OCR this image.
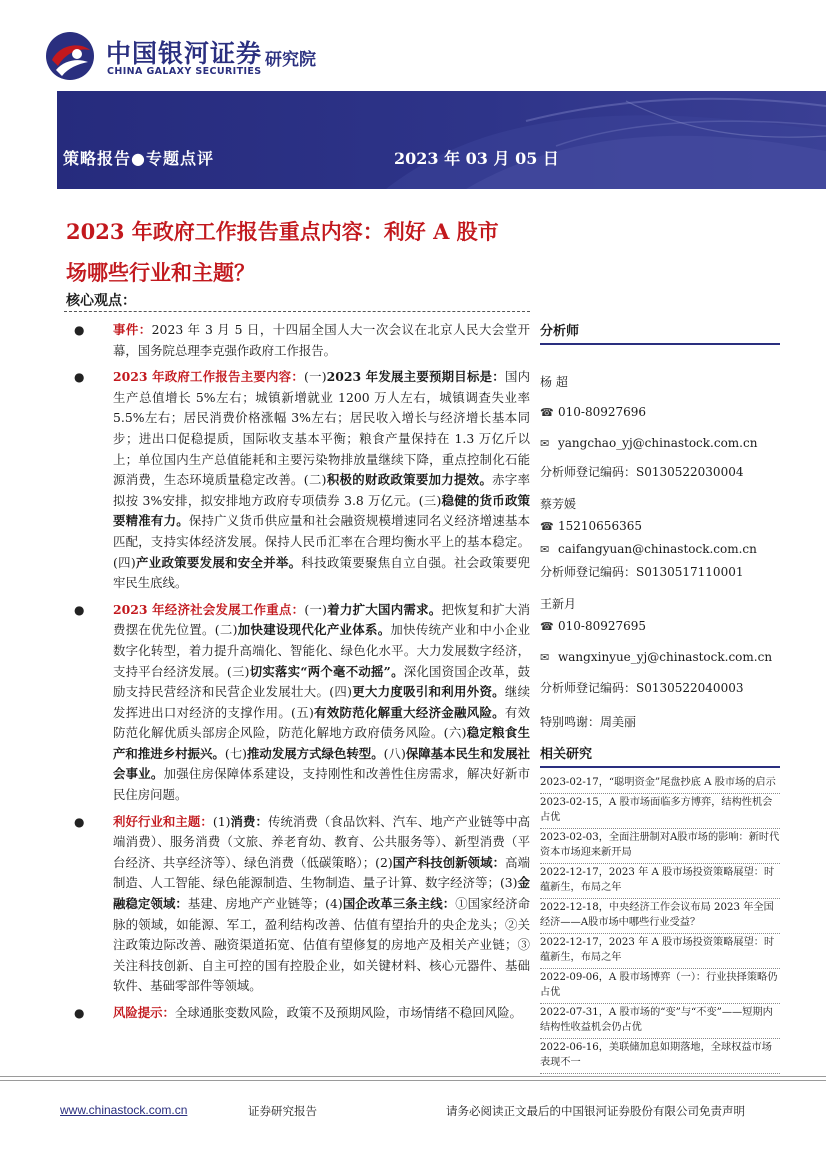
中国银河证券
CHINA GALAXY SECURITIES
研究院
策略报告●专题点评	2023 年 03 月 05 日
2023 年政府工作报告重点内容：利好 A 股市场哪些行业和主题？
核心观点：
● 事件：2023 年 3 月 5 日，十四届全国人大一次会议在北京人民大会堂开幕，国务院总理李克强作政府工作报告。
● 2023 年政府工作报告主要内容：(一)2023 年发展主要预期目标是：国内生产总值增长 5%左右；城镇新增就业 1200 万人左右，城镇调查失业率 5.5%左右；居民消费价格涨幅 3%左右；居民收入增长与经济增长基本同步；进出口促稳提质，国际收支基本平衡；粮食产量保持在 1.3 万亿斤以上；单位国内生产总值能耗和主要污染物排放量继续下降，重点控制化石能源消费，生态环境质量稳定改善。(二)积极的财政政策要加力提效。赤字率拟按 3%安排，拟安排地方政府专项债券 3.8 万亿元。(三)稳健的货币政策要精准有力。保持广义货币供应量和社会融资规模增速同名义经济增速基本匹配，支持实体经济发展。保持人民币汇率在合理均衡水平上的基本稳定。(四)产业政策要发展和安全并举。科技政策要聚焦自立自强。社会政策要兜牢民生底线。
● 2023 年经济社会发展工作重点：(一)着力扩大国内需求。把恢复和扩大消费摆在优先位置。(二)加快建设现代化产业体系。加快传统产业和中小企业数字化转型，着力提升高端化、智能化、绿色化水平。大力发展数字经济，支持平台经济发展。(三)切实落实“两个毫不动摇”。深化国资国企改革，鼓励支持民营经济和民营企业发展壮大。(四)更大力度吸引和利用外资。继续发挥进出口对经济的支撑作用。(五)有效防范化解重大经济金融风险。有效防范化解优质头部房企风险，防范化解地方政府债务风险。(六)稳定粮食生产和推进乡村振兴。(七)推动发展方式绿色转型。(八)保障基本民生和发展社会事业。加强住房保障体系建设，支持刚性和改善性住房需求，解决好新市民住房问题。
● 利好行业和主题：(1)消费：传统消费（食品饮料、汽车、地产产业链等中高端消费）、服务消费（文旅、养老育幼、教育、公共服务等）、新型消费（平台经济、共享经济等）、绿色消费（低碳策略）；(2)国产科技创新领域：高端制造、人工智能、绿色能源制造、生物制造、量子计算、数字经济等；(3)金融稳定领域：基建、房地产产业链等；(4)国企改革三条主线：①国家经济命脉的领域，如能源、军工，盈利结构改善、估值有望抬升的央企龙头；②关注政策边际改善、融资渠道拓宽、估值有望修复的房地产及相关产业链；③关注科技创新、自主可控的国有控股企业，如关键材料、核心元器件、基础软件、基础零部件等领域。
● 风险提示：全球通胀变数风险，政策不及预期风险，市场情绪不稳回风险。
分析师
杨 超
☎ 010-80927696
✉ yangchao_yj@chinastock.com.cn
分析师登记编码：S0130522030004
蔡芳媛
☎ 15210656365
✉ caifangyuan@chinastock.com.cn
分析师登记编码：S0130517110001
王新月
☎ 010-80927695
✉ wangxinyue_yj@chinastock.com.cn
分析师登记编码：S0130522040003
特别鸣谢：周美丽
相关研究
2023-02-17，“聪明资金”尾盘抄底 A 股市场的启示
2023-02-15，A 股市场面临多方博弈，结构性机会占优
2023-02-03，全面注册制对A股市场的影响：新时代资本市场迎来新开局
2022-12-17，2023 年 A 股市场投资策略展望：时蕴新生，布局之年
2022-12-18，中央经济工作会议布局 2023 年全国经济——A股市场中哪些行业受益？
2022-12-17，2023 年 A 股市场投资策略展望：时蕴新生，布局之年
2022-09-06，A 股市场博弈（一）：行业抉择策略仍占优
2022-07-31，A 股市场的“变”与“不变”——短期内结构性收益机会仍占优
2022-06-16，美联储加息如期落地，全球权益市场表现不一
www.chinastock.com.cn	证券研究报告	请务必阅读正文最后的中国银河证券股份有限公司免责声明
